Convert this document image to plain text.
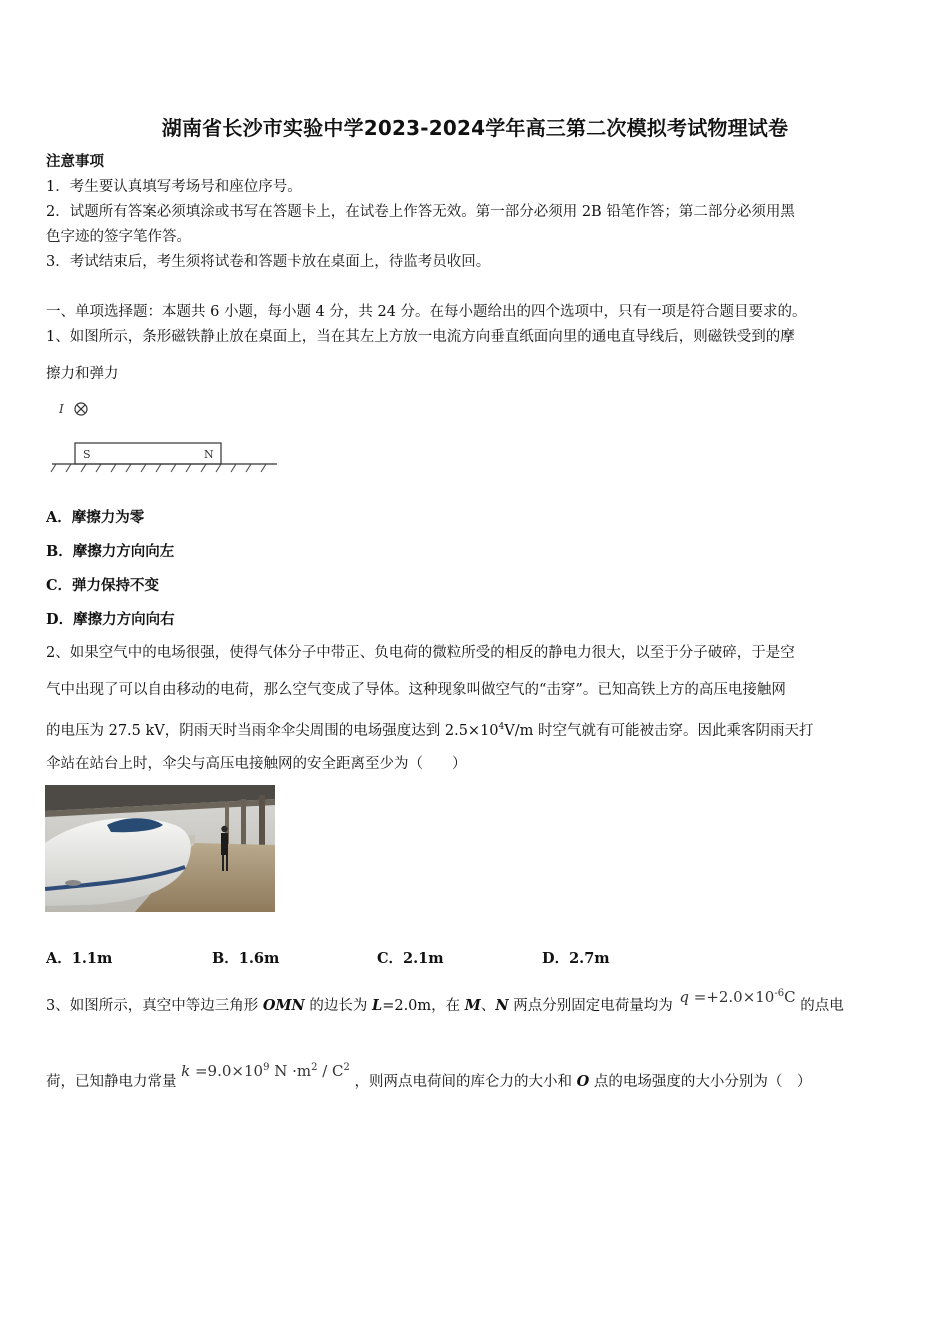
湖南省长沙市实验中学2023-2024学年高三第二次模拟考试物理试卷
注意事项
1．考生要认真填写考场号和座位序号。
2．试题所有答案必须填涂或书写在答题卡上，在试卷上作答无效。第一部分必须用 2B 铅笔作答；第二部分必须用黑
色字迹的签字笔作答。
3．考试结束后，考生须将试卷和答题卡放在桌面上，待监考员收回。
一、单项选择题：本题共 6 小题，每小题 4 分，共 24 分。在每小题给出的四个选项中，只有一项是符合题目要求的。
1、如图所示，条形磁铁静止放在桌面上，当在其左上方放一电流方向垂直纸面向里的通电直导线后，则磁铁受到的摩
擦力和弹力
I
S	N
A．摩擦力为零
B．摩擦力方向向左
C．弹力保持不变
D．摩擦力方向向右
2、如果空气中的电场很强，使得气体分子中带正、负电荷的微粒所受的相反的静电力很大，以至于分子破碎，于是空
气中出现了可以自由移动的电荷，那么空气变成了导体。这种现象叫做空气的“击穿”。已知高铁上方的高压电接触网
的电压为 27.5 kV，阴雨天时当雨伞伞尖周围的电场强度达到 $2.5\times 10^4V/m$ 时空气就有可能被击穿。因此乘客阴雨天打
伞站在站台上时，伞尖与高压电接触网的安全距离至少为（　　）
A．1.1m	B．1.6m	C．2.1m	D．2.7m
3、如图所示，真空中等边三角形 OMN 的边长为 L=2.0m，在 M、N 两点分别固定电荷量均为 $q =+2.0\times 10^{-6}C$ 的点电
荷，已知静电力常量 $k =9.0\times 10^9$ $N \cdot m^2 / C^2$ ，则两点电荷间的库仑力的大小和 O 点的电场强度的大小分别为（　）
